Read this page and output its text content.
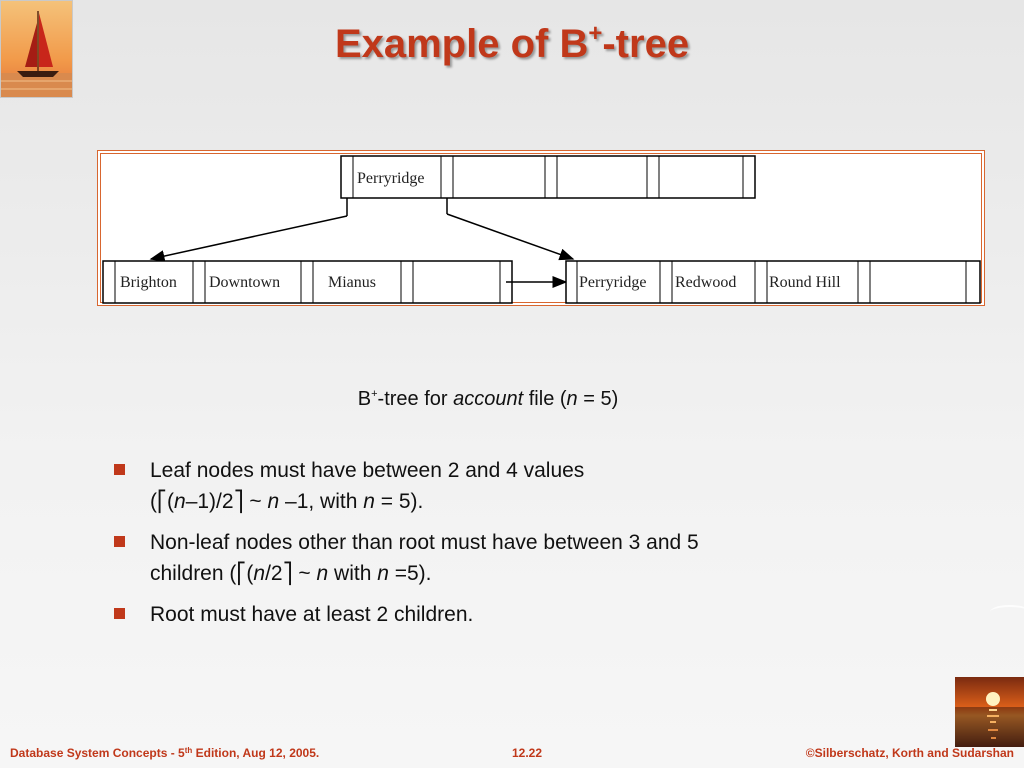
Example of B+-tree
Perryridge
Brighton Downtown	Mianus	Perryridge Redwood Round Hill
B+-tree for account file (n = 5)
Leaf nodes must have between 2 and 4 values
(⎡(n–1)/2⎤ ~ n –1, with n = 5).
Non-leaf nodes other than root must have between 3 and 5
children (⎡(n/2⎤ ~ n with n =5).
Root must have at least 2 children.
Database System Concepts - 5th Edition, Aug 12, 2005.	12.22	©Silberschatz, Korth and Sudarshan
